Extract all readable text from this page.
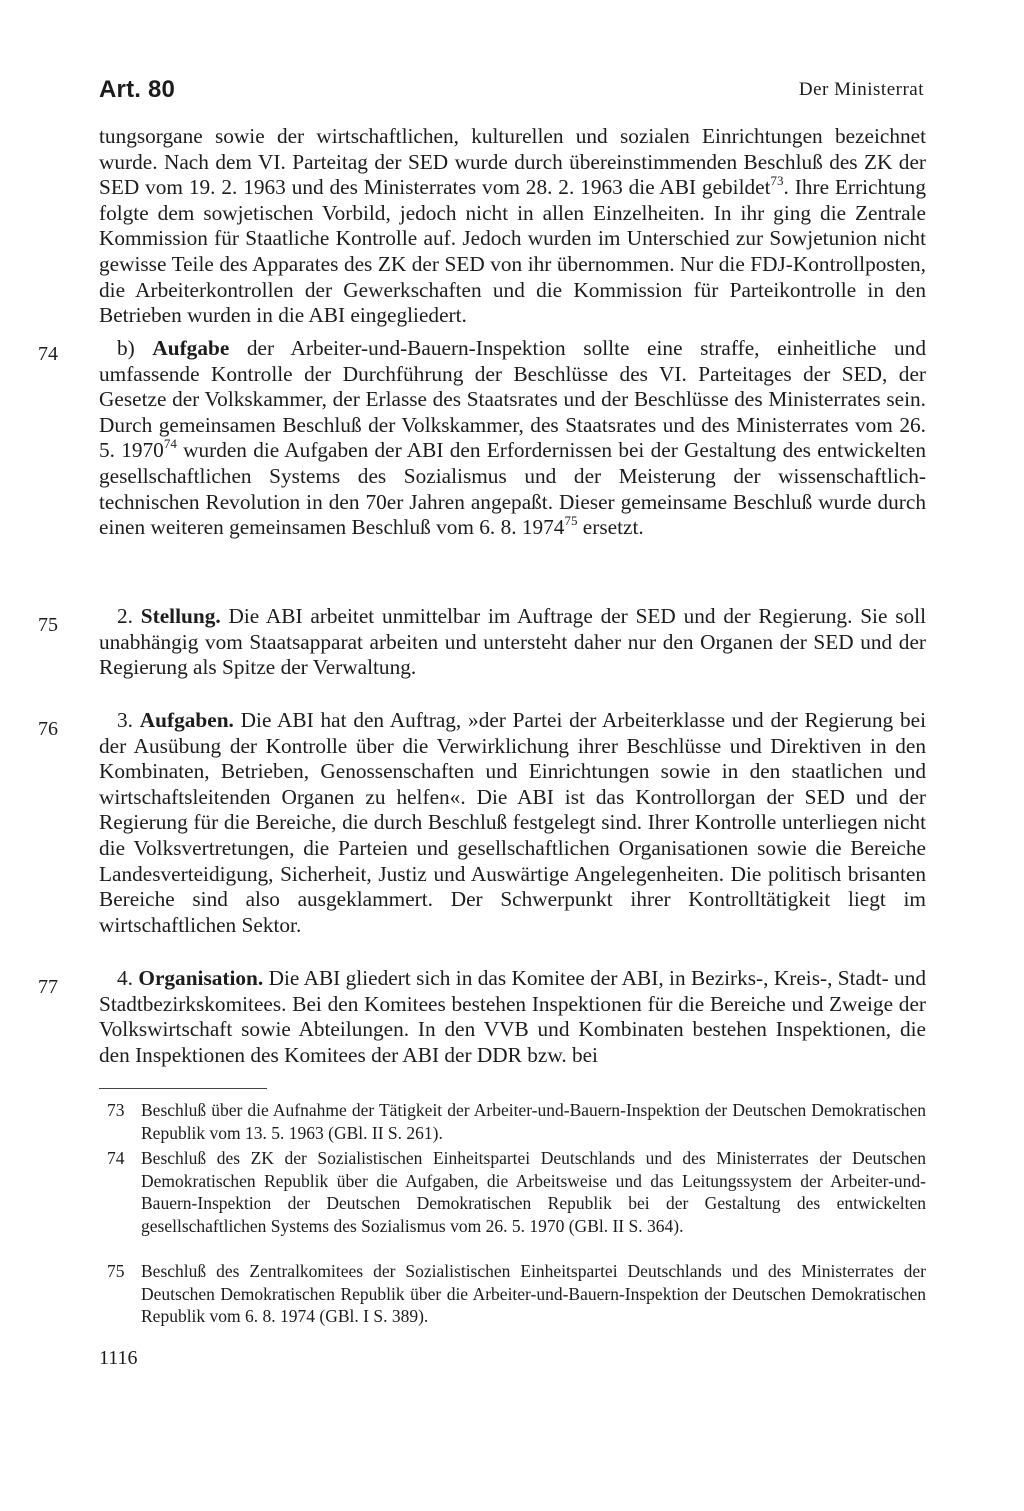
Art. 80	Der Ministerrat
tungsorgane sowie der wirtschaftlichen, kulturellen und sozialen Einrichtungen bezeichnet wurde. Nach dem VI. Parteitag der SED wurde durch übereinstimmenden Beschluß des ZK der SED vom 19. 2. 1963 und des Ministerrates vom 28. 2. 1963 die ABI gebildet$^{73}$. Ihre Errichtung folgte dem sowjetischen Vorbild, jedoch nicht in allen Einzelheiten. In ihr ging die Zentrale Kommission für Staatliche Kontrolle auf. Jedoch wurden im Unterschied zur Sowjetunion nicht gewisse Teile des Apparates des ZK der SED von ihr übernommen. Nur die FDJ-Kontrollposten, die Arbeiterkontrollen der Gewerkschaften und die Kommission für Parteikontrolle in den Betrieben wurden in die ABI eingegliedert.
74	b) Aufgabe der Arbeiter-und-Bauern-Inspektion sollte eine straffe, einheitliche und umfassende Kontrolle der Durchführung der Beschlüsse des VI. Parteitages der SED, der Gesetze der Volkskammer, der Erlasse des Staatsrates und der Beschlüsse des Ministerrates sein. Durch gemeinsamen Beschluß der Volkskammer, des Staatsrates und des Ministerrates vom 26. 5. 1970$^{74}$ wurden die Aufgaben der ABI den Erfordernissen bei der Gestaltung des entwickelten gesellschaftlichen Systems des Sozialismus und der Meisterung der wissenschaftlich-technischen Revolution in den 70er Jahren angepaßt. Dieser gemeinsame Beschluß wurde durch einen weiteren gemeinsamen Beschluß vom 6. 8. 1974$^{75}$ ersetzt.
75	2. Stellung. Die ABI arbeitet unmittelbar im Auftrage der SED und der Regierung. Sie soll unabhängig vom Staatsapparat arbeiten und untersteht daher nur den Organen der SED und der Regierung als Spitze der Verwaltung.
76	3. Aufgaben. Die ABI hat den Auftrag, »der Partei der Arbeiterklasse und der Regierung bei der Ausübung der Kontrolle über die Verwirklichung ihrer Beschlüsse und Direktiven in den Kombinaten, Betrieben, Genossenschaften und Einrichtungen sowie in den staatlichen und wirtschaftsleitenden Organen zu helfen«. Die ABI ist das Kontrollorgan der SED und der Regierung für die Bereiche, die durch Beschluß festgelegt sind. Ihrer Kontrolle unterliegen nicht die Volksvertretungen, die Parteien und gesellschaftlichen Organisationen sowie die Bereiche Landesverteidigung, Sicherheit, Justiz und Auswärtige Angelegenheiten. Die politisch brisanten Bereiche sind also ausgeklammert. Der Schwerpunkt ihrer Kontrolltätigkeit liegt im wirtschaftlichen Sektor.
77	4. Organisation. Die ABI gliedert sich in das Komitee der ABI, in Bezirks-, Kreis-, Stadt- und Stadtbezirkskomitees. Bei den Komitees bestehen Inspektionen für die Bereiche und Zweige der Volkswirtschaft sowie Abteilungen. In den VVB und Kombinaten bestehen Inspektionen, die den Inspektionen des Komitees der ABI der DDR bzw. bei
73 Beschluß über die Aufnahme der Tätigkeit der Arbeiter-und-Bauern-Inspektion der Deutschen Demokratischen Republik vom 13. 5. 1963 (GBl. II S. 261).
74 Beschluß des ZK der Sozialistischen Einheitspartei Deutschlands und des Ministerrates der Deutschen Demokratischen Republik über die Aufgaben, die Arbeitsweise und das Leitungssystem der Arbeiter-und-Bauern-Inspektion der Deutschen Demokratischen Republik bei der Gestaltung des entwickelten gesellschaftlichen Systems des Sozialismus vom 26. 5. 1970 (GBl. II S. 364).
75 Beschluß des Zentralkomitees der Sozialistischen Einheitspartei Deutschlands und des Ministerrates der Deutschen Demokratischen Republik über die Arbeiter-und-Bauern-Inspektion der Deutschen Demokratischen Republik vom 6. 8. 1974 (GBl. I S. 389).
1116
